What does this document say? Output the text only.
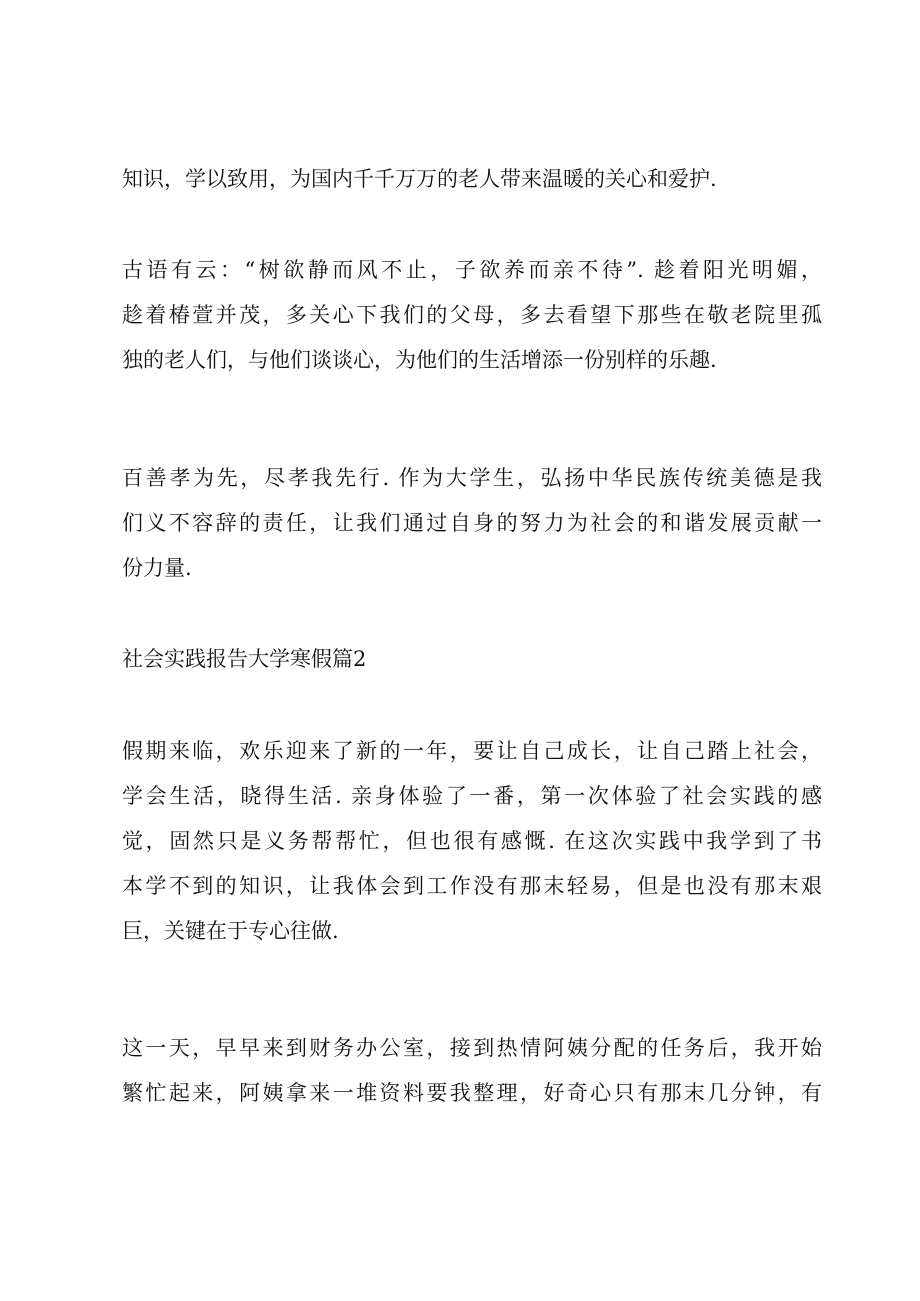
知识，学以致用，为国内千千万万的老人带来温暖的关心和爱护.

古语有云：“树欲静而风不止，子欲养而亲不待”. 趁着阳光明媚，
趁着椿萱并茂，多关心下我们的父母，多去看望下那些在敬老院里孤
独的老人们，与他们谈谈心，为他们的生活增添一份别样的乐趣.

百善孝为先，尽孝我先行. 作为大学生，弘扬中华民族传统美德是我
们义不容辞的责任，让我们通过自身的努力为社会的和谐发展贡献一
份力量.

社会实践报告大学寒假篇2

假期来临，欢乐迎来了新的一年，要让自己成长，让自己踏上社会，
学会生活，晓得生活. 亲身体验了一番，第一次体验了社会实践的感
觉，固然只是义务帮帮忙，但也很有感慨. 在这次实践中我学到了书
本学不到的知识，让我体会到工作没有那末轻易，但是也没有那末艰
巨，关键在于专心往做.

这一天，早早来到财务办公室，接到热情阿姨分配的任务后，我开始
繁忙起来，阿姨拿来一堆资料要我整理，好奇心只有那末几分钟，有
